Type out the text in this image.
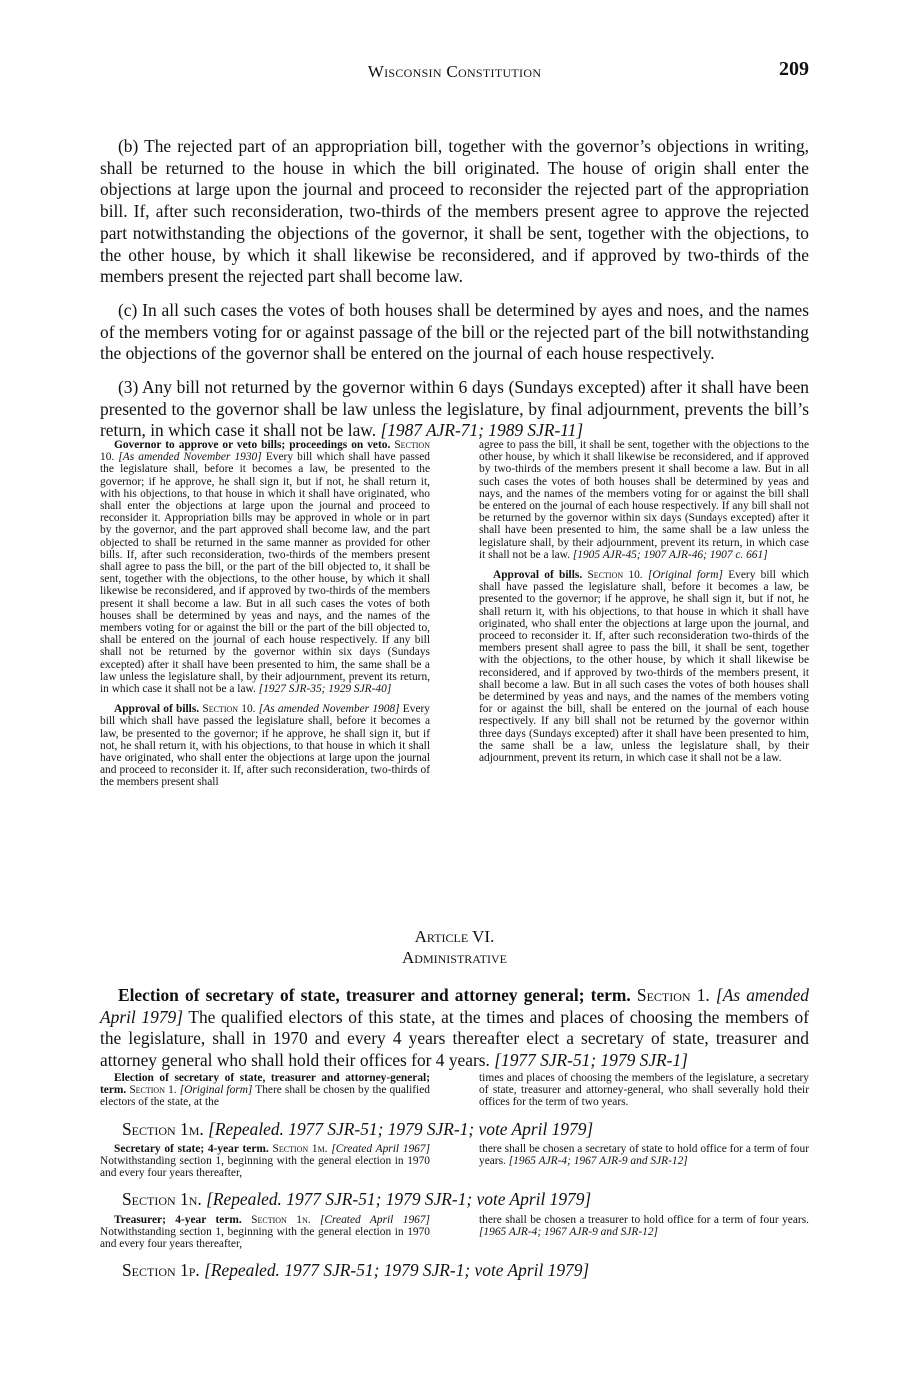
Wisconsin Constitution	209

(b) The rejected part of an appropriation bill, together with the governor’s objections in writing, shall be returned to the house in which the bill originated. The house of origin shall enter the objections at large upon the journal and proceed to reconsider the rejected part of the appropriation bill. If, after such reconsideration, two-thirds of the members present agree to approve the rejected part notwithstanding the objections of the governor, it shall be sent, together with the objections, to the other house, by which it shall likewise be reconsidered, and if approved by two-thirds of the members present the rejected part shall become law.

(c) In all such cases the votes of both houses shall be determined by ayes and noes, and the names of the members voting for or against passage of the bill or the rejected part of the bill notwithstanding the objections of the governor shall be entered on the journal of each house respectively.

(3) Any bill not returned by the governor within 6 days (Sundays excepted) after it shall have been presented to the governor shall be law unless the legislature, by final adjournment, prevents the bill’s return, in which case it shall not be law. [1987 AJR-71; 1989 SJR-11]

Governor to approve or veto bills; proceedings on veto. Section 10. [As amended November 1930] Every bill which shall have passed the legislature shall, before it becomes a law, be presented to the governor; if he approve, he shall sign it, but if not, he shall return it, with his objections, to that house in which it shall have originated, who shall enter the objections at large upon the journal and proceed to reconsider it. Appropriation bills may be approved in whole or in part by the governor, and the part approved shall become law, and the part objected to shall be returned in the same manner as provided for other bills. If, after such reconsideration, two-thirds of the members present shall agree to pass the bill, or the part of the bill objected to, it shall be sent, together with the objections, to the other house, by which it shall likewise be reconsidered, and if approved by two-thirds of the members present it shall become a law. But in all such cases the votes of both houses shall be determined by yeas and nays, and the names of the members voting for or against the bill or the part of the bill objected to, shall be entered on the journal of each house respectively. If any bill shall not be returned by the governor within six days (Sundays excepted) after it shall have been presented to him, the same shall be a law unless the legislature shall, by their adjournment, prevent its return, in which case it shall not be a law. [1927 SJR-35; 1929 SJR-40]

Approval of bills. Section 10. [As amended November 1908] Every bill which shall have passed the legislature shall, before it becomes a law, be presented to the governor; if he approve, he shall sign it, but if not, he shall return it, with his objections, to that house in which it shall have originated, who shall enter the objections at large upon the journal and proceed to reconsider it. If, after such reconsideration, two-thirds of the members present shall

agree to pass the bill, it shall be sent, together with the objections to the other house, by which it shall likewise be reconsidered, and if approved by two-thirds of the members present it shall become a law. But in all such cases the votes of both houses shall be determined by yeas and nays, and the names of the members voting for or against the bill shall be entered on the journal of each house respectively. If any bill shall not be returned by the governor within six days (Sundays excepted) after it shall have been presented to him, the same shall be a law unless the legislature shall, by their adjournment, prevent its return, in which case it shall not be a law. [1905 AJR-45; 1907 AJR-46; 1907 c. 661]

Approval of bills. Section 10. [Original form] Every bill which shall have passed the legislature shall, before it becomes a law, be presented to the governor; if he approve, he shall sign it, but if not, he shall return it, with his objections, to that house in which it shall have originated, who shall enter the objections at large upon the journal, and proceed to reconsider it. If, after such reconsideration two-thirds of the members present shall agree to pass the bill, it shall be sent, together with the objections, to the other house, by which it shall likewise be reconsidered, and if approved by two-thirds of the members present, it shall become a law. But in all such cases the votes of both houses shall be determined by yeas and nays, and the names of the members voting for or against the bill, shall be entered on the journal of each house respectively. If any bill shall not be returned by the governor within three days (Sundays excepted) after it shall have been presented to him, the same shall be a law, unless the legislature shall, by their adjournment, prevent its return, in which case it shall not be a law.

Article VI.
Administrative

Election of secretary of state, treasurer and attorney general; term. Section 1. [As amended April 1979] The qualified electors of this state, at the times and places of choosing the members of the legislature, shall in 1970 and every 4 years thereafter elect a secretary of state, treasurer and attorney general who shall hold their offices for 4 years. [1977 SJR-51; 1979 SJR-1]

Election of secretary of state, treasurer and attorney-general; term. Section 1. [Original form] There shall be chosen by the qualified electors of the state, at the

times and places of choosing the members of the legislature, a secretary of state, treasurer and attorney-general, who shall severally hold their offices for the term of two years.

Section 1m. [Repealed. 1977 SJR-51; 1979 SJR-1; vote April 1979]

Secretary of state; 4-year term. Section 1m. [Created April 1967] Notwithstanding section 1, beginning with the general election in 1970 and every four years thereafter,

there shall be chosen a secretary of state to hold office for a term of four years. [1965 AJR-4; 1967 AJR-9 and SJR-12]

Section 1n. [Repealed. 1977 SJR-51; 1979 SJR-1; vote April 1979]

Treasurer; 4-year term. Section 1n. [Created April 1967] Notwithstanding section 1, beginning with the general election in 1970 and every four years thereafter,

there shall be chosen a treasurer to hold office for a term of four years. [1965 AJR-4; 1967 AJR-9 and SJR-12]

Section 1p. [Repealed. 1977 SJR-51; 1979 SJR-1; vote April 1979]
